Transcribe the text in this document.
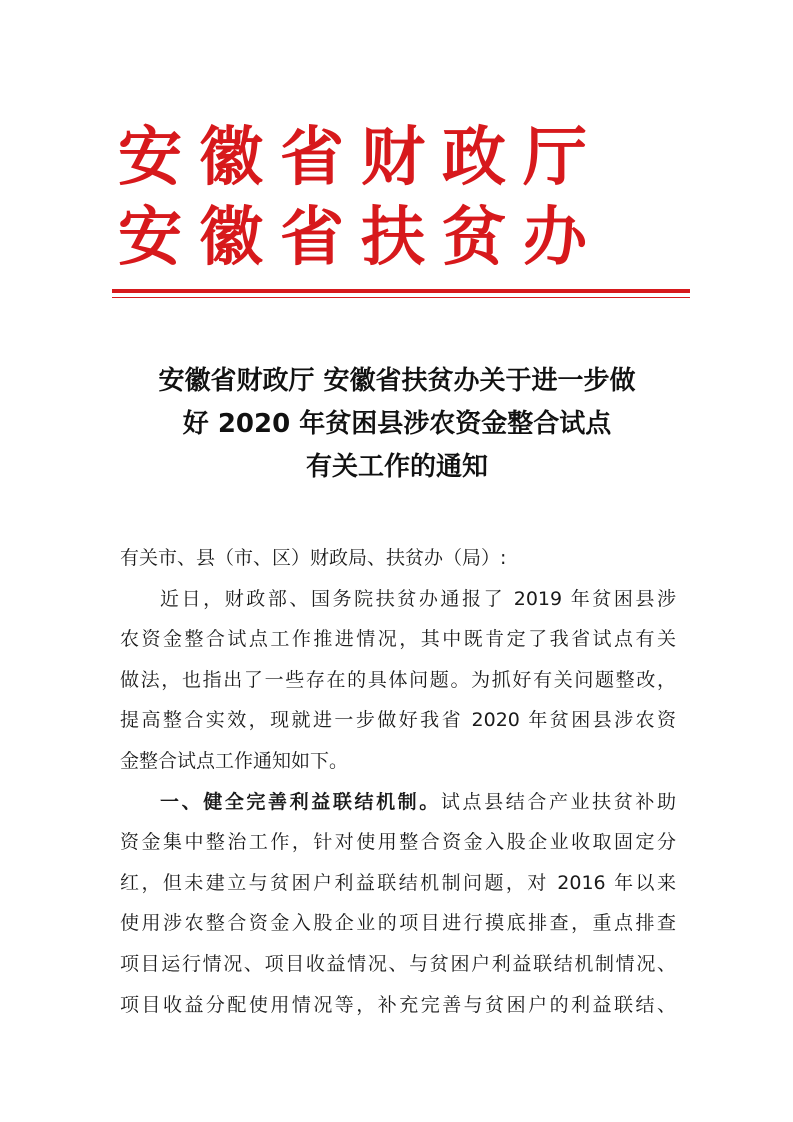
安徽省财政厅
安徽省扶贫办
安徽省财政厅 安徽省扶贫办关于进一步做
好 2020 年贫困县涉农资金整合试点
有关工作的通知
有关市、县（市、区）财政局、扶贫办（局）:
近日，财政部、国务院扶贫办通报了 2019 年贫困县涉
农资金整合试点工作推进情况，其中既肯定了我省试点有关
做法，也指出了一些存在的具体问题。为抓好有关问题整改，
提高整合实效，现就进一步做好我省 2020 年贫困县涉农资
金整合试点工作通知如下。
一、健全完善利益联结机制。试点县结合产业扶贫补助
资金集中整治工作，针对使用整合资金入股企业收取固定分
红，但未建立与贫困户利益联结机制问题，对 2016 年以来
使用涉农整合资金入股企业的项目进行摸底排查，重点排查
项目运行情况、项目收益情况、与贫困户利益联结机制情况、
项目收益分配使用情况等，补充完善与贫困户的利益联结、
